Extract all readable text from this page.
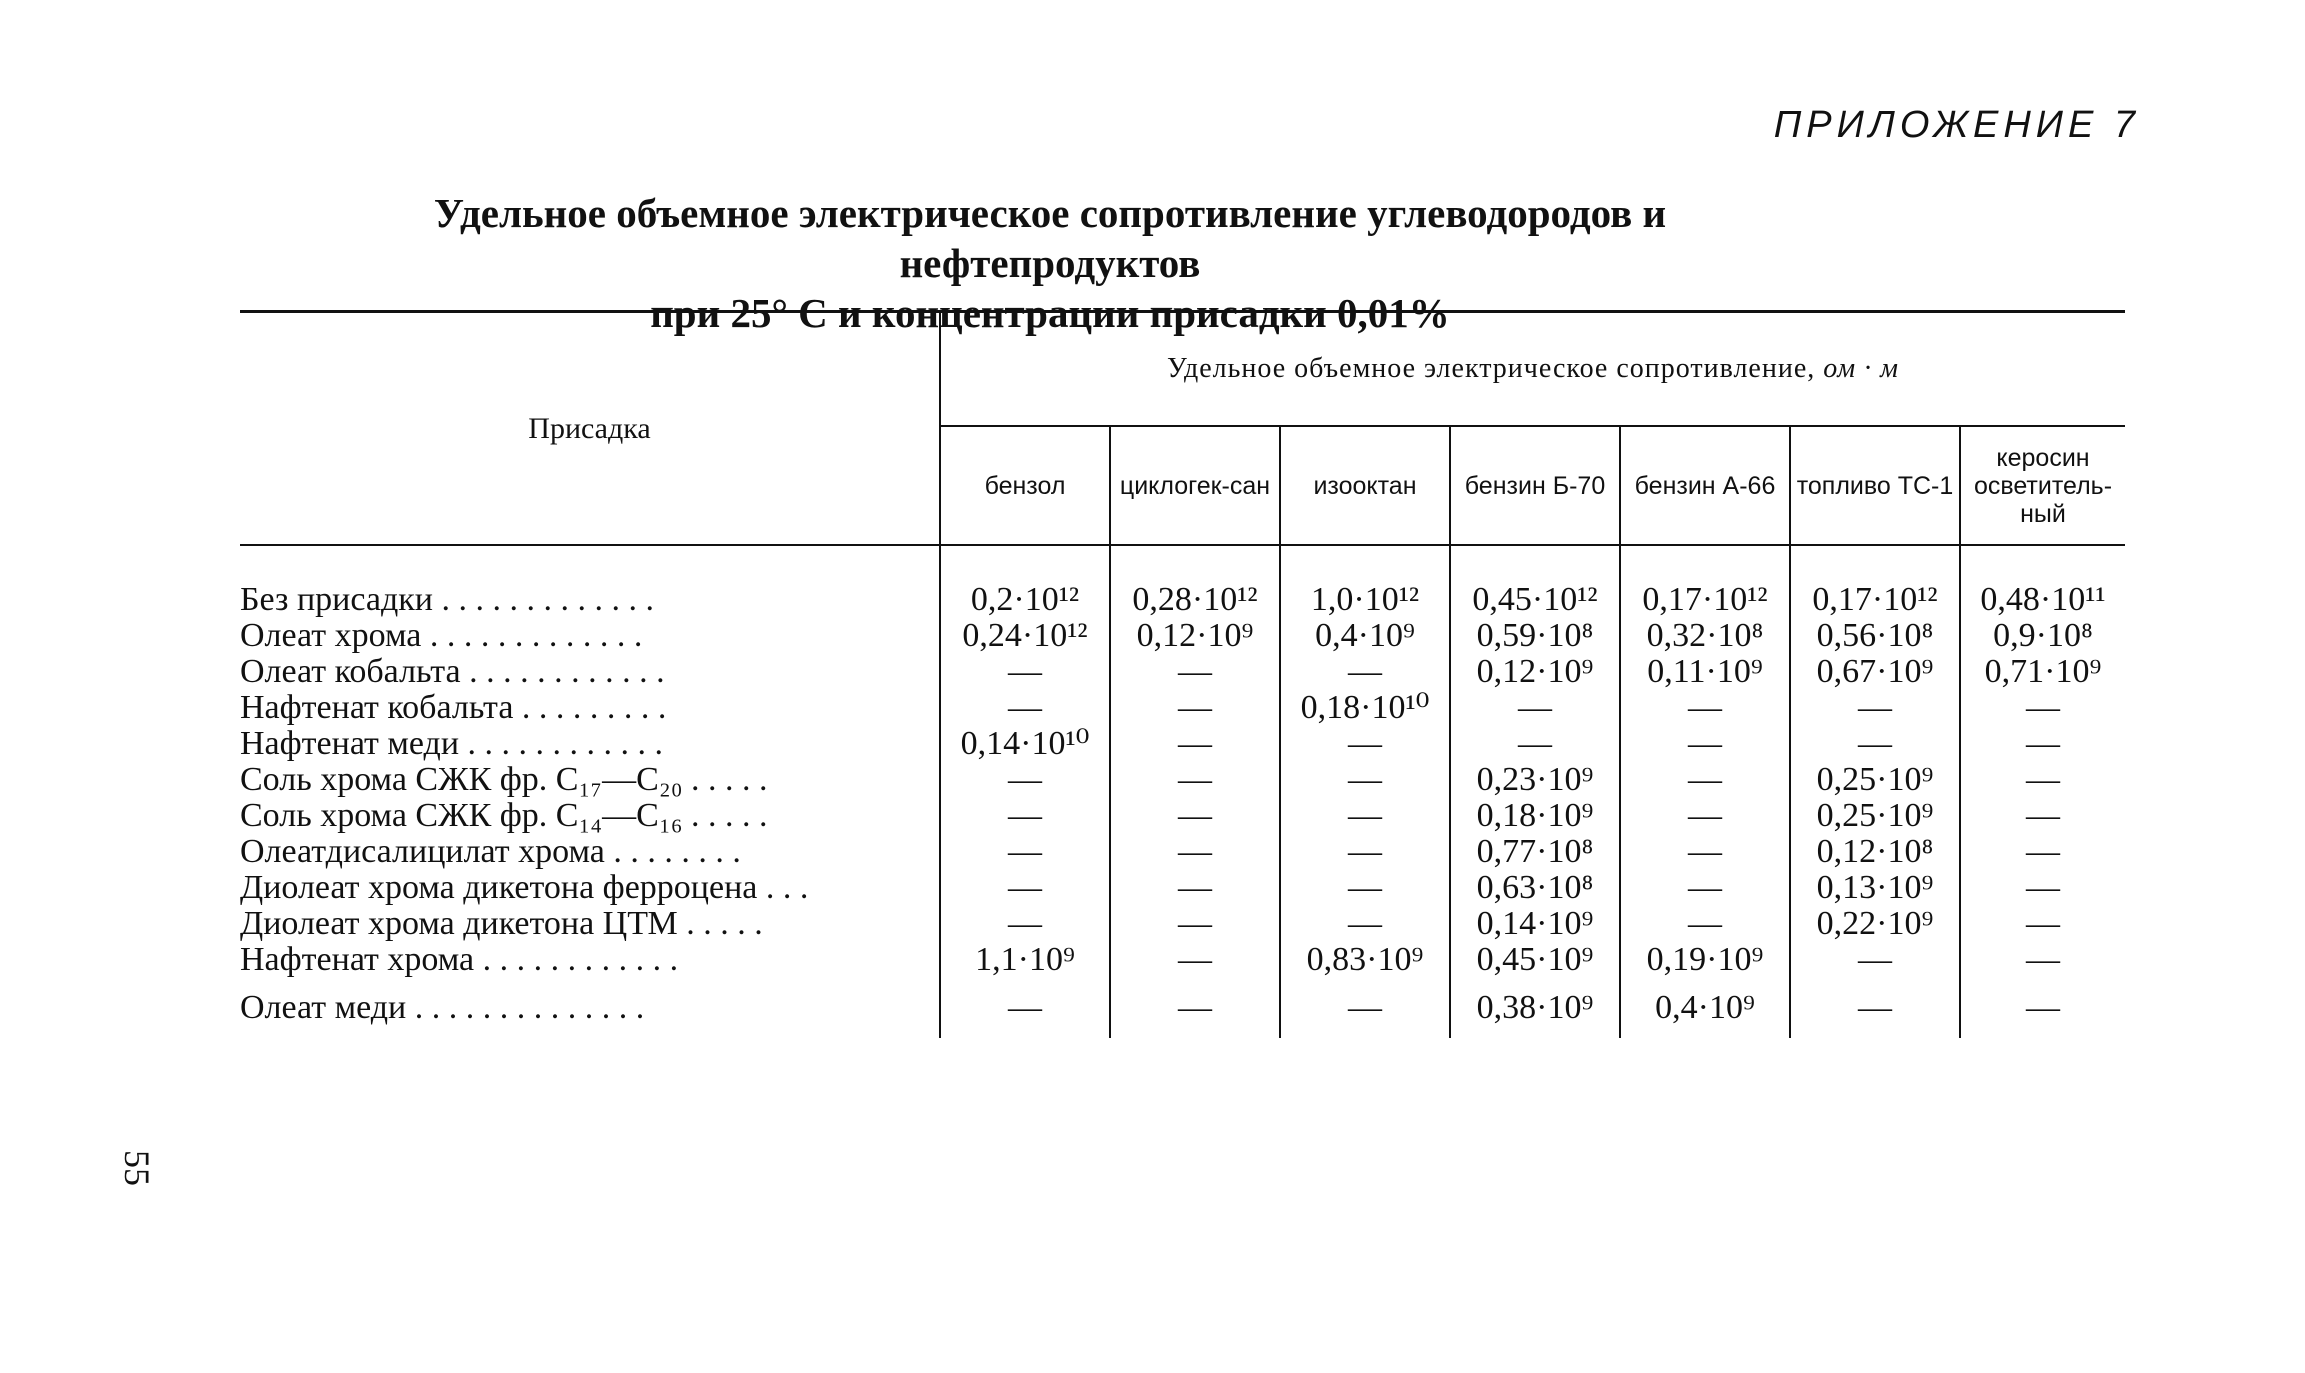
ПРИЛОЖЕНИЕ 7
Удельное объемное электрическое сопротивление углеводородов и нефтепродуктов
при 25° С и концентрации присадки 0,01%
Присадка	Удельное объемное электрическое сопротивление, ом · м						
	бензол	циклогек-сан	изооктан	бензин Б-70	бензин А-66	топливо ТС-1	керосин осветитель-ный

Без присадки . . . . . . . . . . . . .	0,2·10¹²	0,28·10¹²	1,0·10¹²	0,45·10¹²	0,17·10¹²	0,17·10¹²	0,48·10¹¹
Олеат хрома . . . . . . . . . . . . .	0,24·10¹²	0,12·10⁹	0,4·10⁹	0,59·10⁸	0,32·10⁸	0,56·10⁸	0,9·10⁸
Олеат кобальта . . . . . . . . . . . .	—	—	—	0,12·10⁹	0,11·10⁹	0,67·10⁹	0,71·10⁹
Нафтенат кобальта . . . . . . . . .	—	—	0,18·10¹⁰	—	—	—	—
Нафтенат меди . . . . . . . . . . . .	0,14·10¹⁰	—	—	—	—	—	—
Соль хрома СЖК фр. C₁₇—C₂₀ . . . . .	—	—	—	0,23·10⁹	—	0,25·10⁹	—
Соль хрома СЖК фр. C₁₄—C₁₆ . . . . .	—	—	—	0,18·10⁹	—	0,25·10⁹	—
Олеатдисалицилат хрома . . . . . . . .	—	—	—	0,77·10⁸	—	0,12·10⁸	—
Диолеат хрома дикетона ферроцена . . .	—	—	—	0,63·10⁸	—	0,13·10⁹	—
Диолеат хрома дикетона ЦТМ . . . . .	—	—	—	0,14·10⁹	—	0,22·10⁹	—
Нафтенат хрома . . . . . . . . . . . .	1,1·10⁹	—	0,83·10⁹	0,45·10⁹	0,19·10⁹	—	—
Олеат меди . . . . . . . . . . . . . .	—	—	—	0,38·10⁹	0,4·10⁹	—	—
55
